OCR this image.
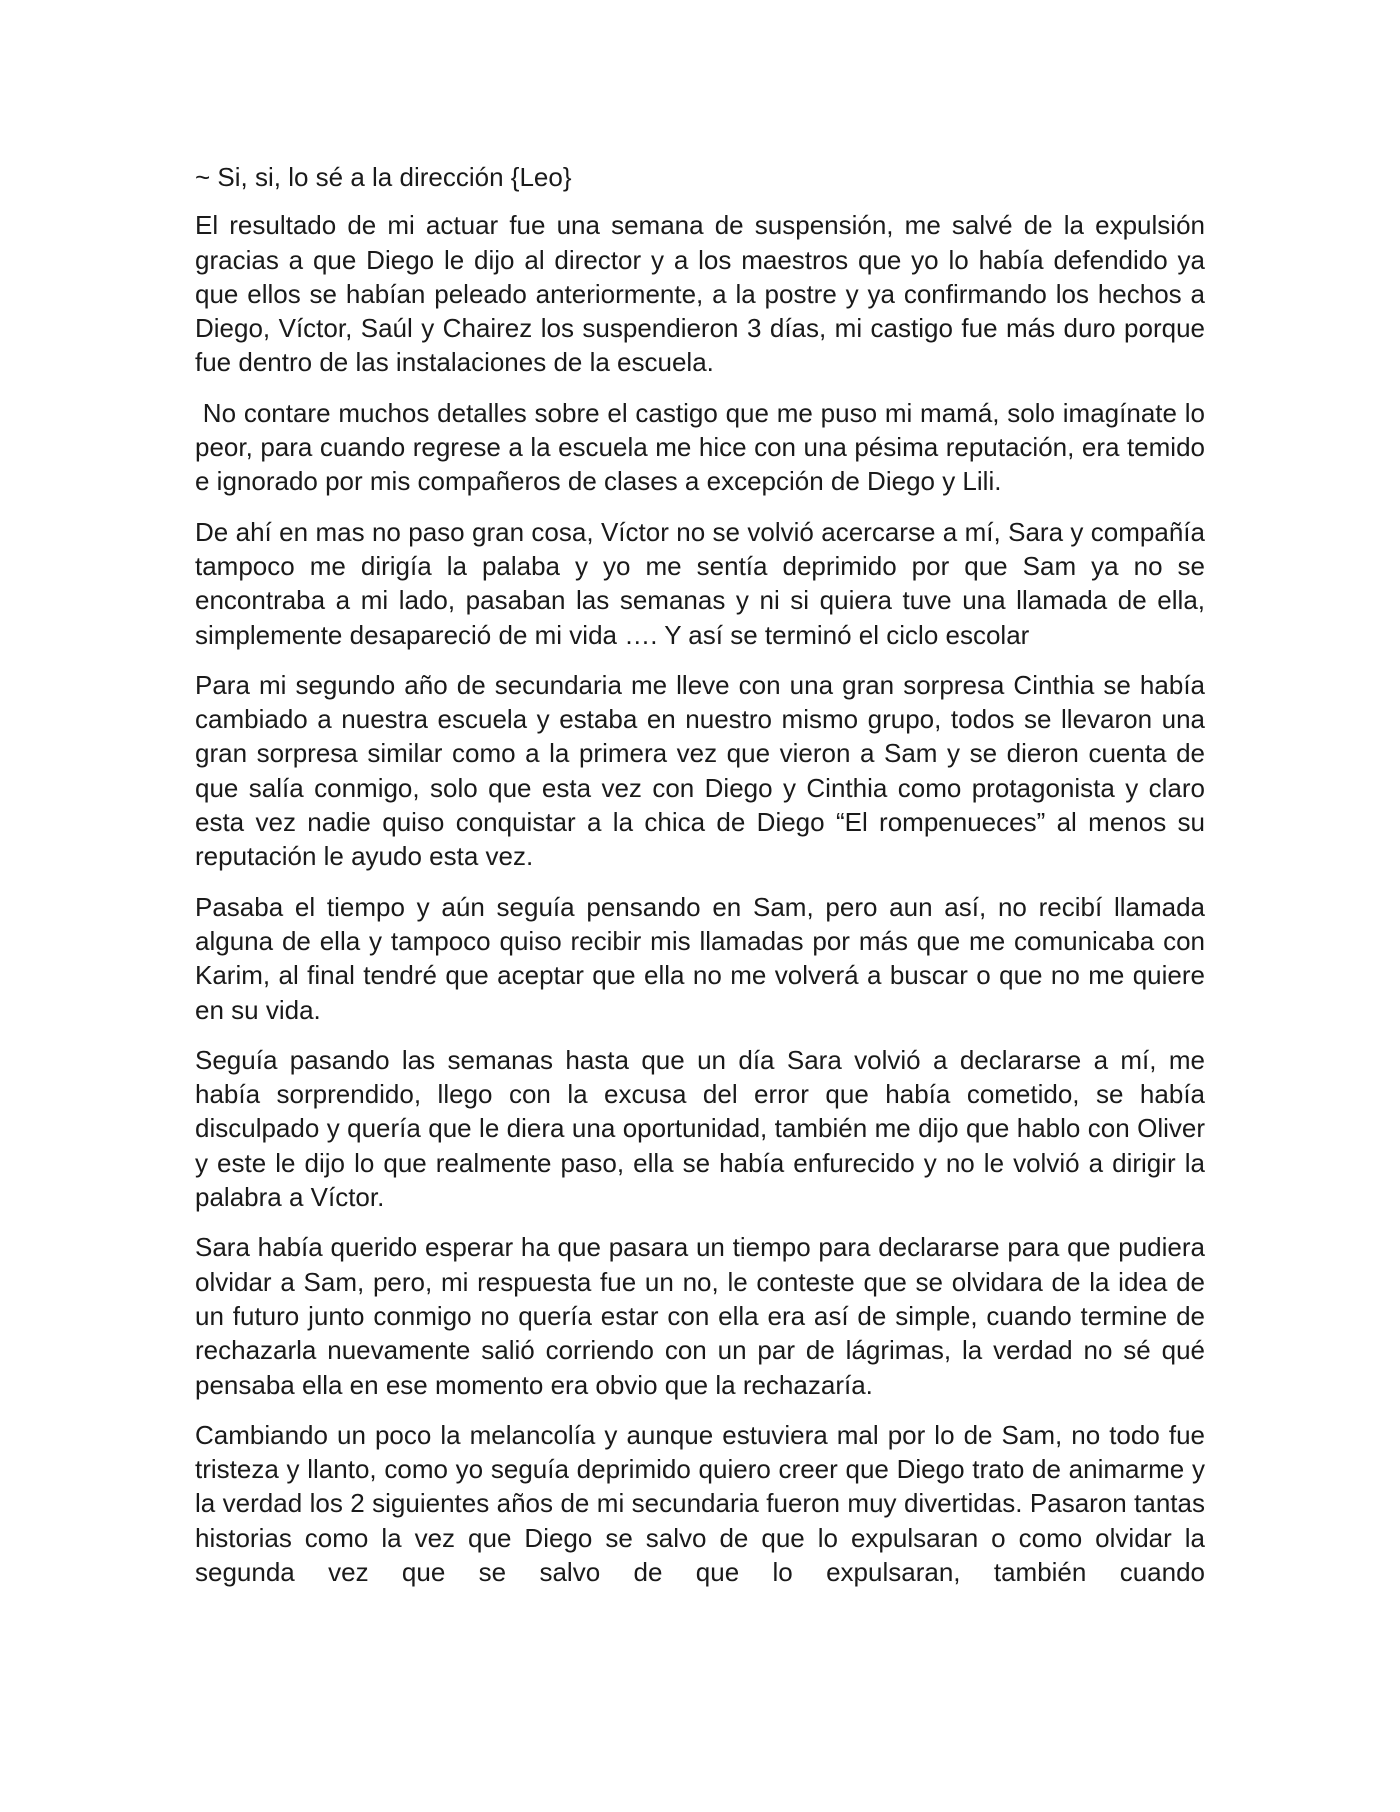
~ Si, si, lo sé a la dirección {Leo}

El resultado de mi actuar fue una semana de suspensión, me salvé de la expulsión gracias a que Diego le dijo al director y a los maestros que yo lo había defendido ya que ellos se habían peleado anteriormente, a la postre y ya confirmando los hechos a Diego, Víctor, Saúl y Chairez los suspendieron 3 días, mi castigo fue más duro porque fue dentro de las instalaciones de la escuela.

No contare muchos detalles sobre el castigo que me puso mi mamá, solo imagínate lo peor, para cuando regrese a la escuela me hice con una pésima reputación, era temido e ignorado por mis compañeros de clases a excepción de Diego y Lili.

De ahí en mas no paso gran cosa, Víctor no se volvió acercarse a mí, Sara y compañía tampoco me dirigía la palaba y yo me sentía deprimido por que Sam ya no se encontraba a mi lado, pasaban las semanas y ni si quiera tuve una llamada de ella, simplemente desapareció de mi vida …. Y así se terminó el ciclo escolar

Para mi segundo año de secundaria me lleve con una gran sorpresa Cinthia se había cambiado a nuestra escuela y estaba en nuestro mismo grupo, todos se llevaron una gran sorpresa similar como a la primera vez que vieron a Sam y se dieron cuenta de que salía conmigo, solo que esta vez con Diego y Cinthia como protagonista y claro esta vez nadie quiso conquistar a la chica de Diego “El rompenueces” al menos su reputación le ayudo esta vez.

Pasaba el tiempo y aún seguía pensando en Sam, pero aun así, no recibí llamada alguna de ella y tampoco quiso recibir mis llamadas por más que me comunicaba con Karim, al final tendré que aceptar que ella no me volverá a buscar o que no me quiere en su vida.

Seguía pasando las semanas hasta que un día Sara volvió a declararse a mí, me había sorprendido, llego con la excusa del error que había cometido, se había disculpado y quería que le diera una oportunidad, también me dijo que hablo con Oliver y este le dijo lo que realmente paso, ella se había enfurecido y no le volvió a dirigir la palabra a Víctor.

Sara había querido esperar ha que pasara un tiempo para declararse para que pudiera olvidar a Sam, pero, mi respuesta fue un no, le conteste que se olvidara de la idea de un futuro junto conmigo no quería estar con ella era así de simple, cuando termine de rechazarla nuevamente salió corriendo con un par de lágrimas, la verdad no sé qué pensaba ella en ese momento era obvio que la rechazaría.

Cambiando un poco la melancolía y aunque estuviera mal por lo de Sam, no todo fue tristeza y llanto, como yo seguía deprimido quiero creer que Diego trato de animarme y la verdad los 2 siguientes años de mi secundaria fueron muy divertidas. Pasaron tantas historias como la vez que Diego se salvo de que lo expulsaran o como olvidar la segunda vez que se salvo de que lo expulsaran, también cuando
